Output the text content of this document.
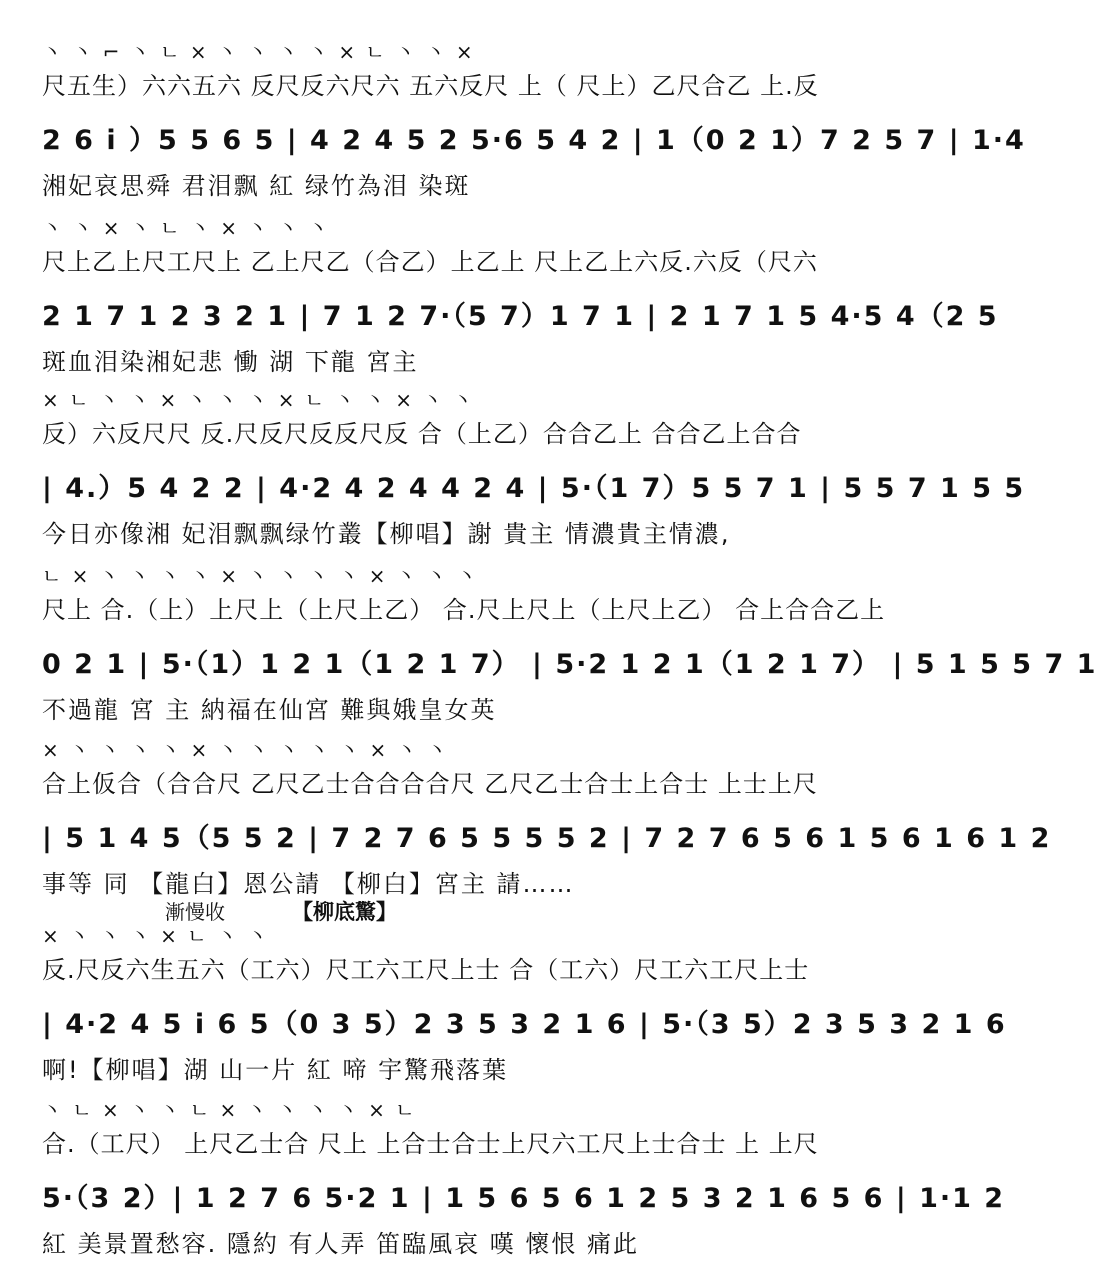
丶 丶 ⌐ 丶 ㄴ × 丶 丶 丶 丶 × ㄴ 丶 丶 ×
尺五生）六六五六 反尺反六尺六 五六反尺 上（ 尺上）乙尺合乙 上.反
2 6 i ）5 5 6 5 | 4 2 4 5 2 5·6 5 4 2 | 1（0 2 1）7 2 5 7 | 1·4
湘妃哀思舜 君泪飘 紅 绿竹為泪 染斑
丶 丶 × 丶 ㄴ 丶 × 丶 丶 丶
尺上乙上尺工尺上 乙上尺乙（合乙）上乙上 尺上乙上六反.六反（尺六
2 1 7 1 2 3 2 1 | 7 1 2 7·（5 7）1 7 1 | 2 1 7 1 5 4·5 4（2 5
斑血泪染湘妃悲 慟 湖 下龍 宮主
× ㄴ 丶 丶 × 丶 丶 丶 × ㄴ 丶 丶 × 丶 丶
反）六反尺尺 反.尺反尺反反尺反 合（上乙）合合乙上 合合乙上合合
| 4.）5 4 2 2 | 4·2 4 2 4 4 2 4 | 5·（1 7）5 5 7 1 | 5 5 7 1 5 5
今日亦像湘 妃泪飘飘绿竹叢【柳唱】謝 貴主 情濃貴主情濃,
ㄴ × 丶 丶 丶 丶 × 丶 丶 丶 丶 × 丶 丶 丶
尺上 合.（上）上尺上（上尺上乙） 合.尺上尺上（上尺上乙） 合上合合乙上
0 2 1 | 5·（1）1 2 1（1 2 1 7） | 5·2 1 2 1（1 2 1 7） | 5 1 5 5 7 1
不過龍 宮 主 納福在仙宮 難與娥皇女英
× 丶 丶 丶 丶 × 丶 丶 丶 丶 丶 × 丶 丶
合上仮合（合合尺 乙尺乙士合合合合尺 乙尺乙士合士上合士 上士上尺
| 5 1 4 5（5 5 2 | 7 2 7 6 5 5 5 5 2 | 7 2 7 6 5 6 1 5 6 1 6 1 2
事等 同 【龍白】恩公請 【柳白】宮主 請……
漸慢收	【柳底驚】
× 丶 丶 丶 × ㄴ 丶 丶
反.尺反六生五六（工六）尺工六工尺上士 合（工六）尺工六工尺上士
| 4·2 4 5 i 6 5（0 3 5）2 3 5 3 2 1 6 | 5·（3 5）2 3 5 3 2 1 6
啊!【柳唱】湖 山一片 紅 啼 宇驚飛落葉
丶 ㄴ × 丶 丶 ㄴ × 丶 丶 丶 丶 × ㄴ
合.（工尺） 上尺乙士合 尺上 上合士合士上尺六工尺上士合士 上 上尺
5·（3 2）| 1 2 7 6 5·2 1 | 1 5 6 5 6 1 2 5 3 2 1 6 5 6 | 1·1 2
紅 美景置愁容. 隱約 有人弄 笛臨風哀 嘆 懷恨 痛此
